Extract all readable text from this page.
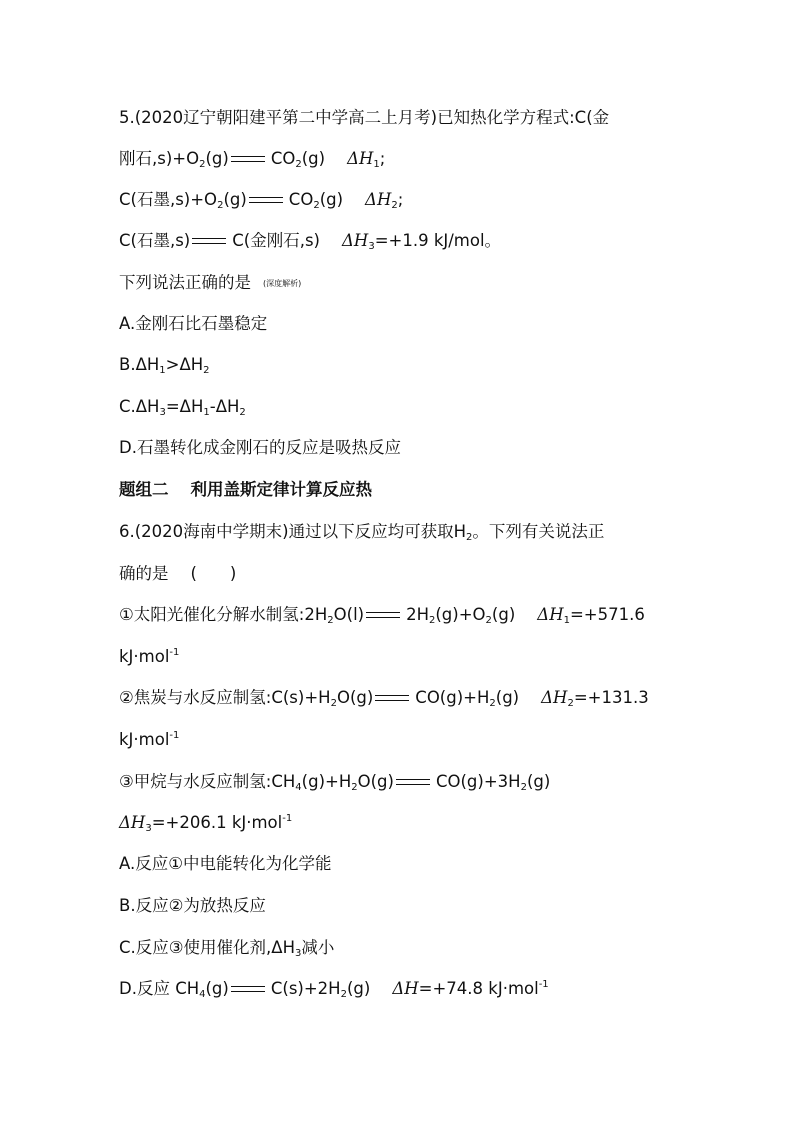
5.(2020辽宁朝阳建平第二中学高二上月考)已知热化学方程式:C(金
刚石$,s)+O_2(g)$	$CO_2(g)$ $\Delta H_1$;
C(石墨$,s)+O_2(g)$	$CO_2(g)$ $\Delta H_2$;
C(石墨,s)	C(金刚石,s) $\Delta H_3=+1.9$ kJ/mol。
下列说法正确的是 (深度解析)
A.金刚石比石墨稳定
$B.\Delta H_1>\Delta H_2$
$C.\Delta H_3=\Delta H_1-\Delta H_2$
D.石墨转化成金刚石的反应是吸热反应
题组二 利用盖斯定律计算反应热
6.(2020海南中学期末)通过以下反应均可获取$H_2$。下列有关说法正
确的是 (　　)
①太阳光催化分解水制氢$:2H_2O(l)$	$2H_2(g)+O_2(g)$ $\Delta H_1=+571.6$
kJ·mol$^{-1}$
②焦炭与水反应制氢$:C(s)+H_2O(g)$	$CO(g)+H_2(g)$ $\Delta H_2=+131.3$
kJ·mol$^{-1}$
③甲烷与水反应制氢$:CH_4(g)+H_2O(g)$	$CO(g)+3H_2(g)$
$\Delta H_3=+206.1$ kJ·mol$^{-1}$
A.反应①中电能转化为化学能
B.反应②为放热反应
C.反应③使用催化剂$,\Delta H_3$减小
D.反应 $CH_4(g)$	$C(s)+2H_2(g)$ ΔH=+74.8 kJ·mol$^{-1}$
